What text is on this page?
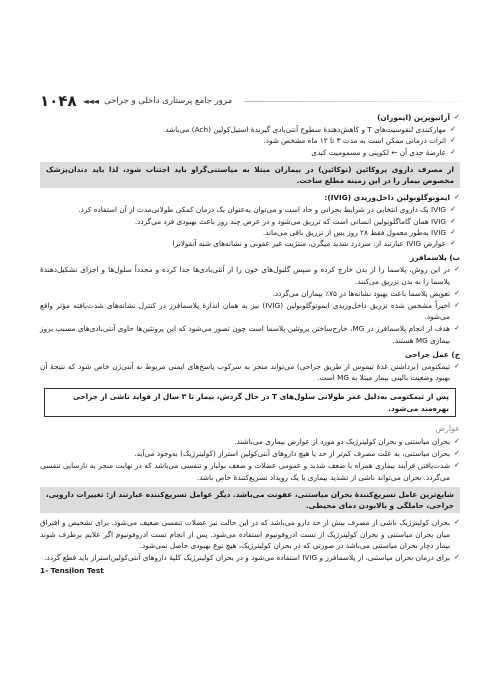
۱۰۴۸ ◄◄◄ مرور جامع پرستاری داخلی و جراحی
✓ آزاتیوپرین (ایموران)
✓ مهارکنندی لنفوسیت‌های T و کاهش‌دهندهٔ سطوح آنتی‌بادی گیرندهٔ استیل‌کولین (Ach) می‌باشد.
✓ اثرات درمانی ممکن است به مدت ۳ تا ۱۲ ماه مشخص شود.
✓ عارضهٔ جدی آن ← لکوپنی و مسمومیت کبدی
از مصرف داروی پروکائین (نوکائین) در بیماران مبتلا به میاستنی‌گراو باید اجتناب شود، لذا باید دندان‌پزشک مخصوص بیمار را در این زمینه مطلع ساخت.
✓ ایمونوگلوبولین داخل‌وریدی (IVIG):
✓ IVIG یک داروی انتخابی در شرایط بحرانی و حاد است و می‌توان به‌عنوان یک درمان کمکی طولانی‌مدت از آن استفاده کرد.
✓ IVIG همان گاماگلوبولین انسانی است که تزریق می‌شود و در عرض چند روز باعث بهبودی فرد می‌گردد.
✓ IVIG به‌طور معمول فقط ۲۸ روز پس از تزریق باقی می‌ماند.
✓ عوارض IVIG عبارتند از: سردرد شدید میگرن، منتژیت غیر عفونی و نشانه‌های شبه آنفولانزا
ب) پلاسمافرز
✓ در این روش، پلاسما را از بدن خارج کرده و سپس گلبول‌های خون را از آنتی‌بادی‌ها جدا کرده و مجدداً سلول‌ها و اجزای تشکیل‌دهندهٔ پلاسما را به بدن تزریق می‌کنند.
✓ تعویض پلاسما باعث بهبود نشانه‌ها در ۷۵٪ بیماران می‌گردد.
✓ اخیراً مشخص شده تزریق داخل‌وریدی ایمونوگلوبولین (IVIG) نیز به همان اندازهٔ پلاسمافرز در کنترل نشانه‌های شدت‌یافته مؤثر واقع می‌شود.
✓ هدف از انجام پلاسمافرز در MG، خارج‌ساختن پروتئین پلاسما است چون تصور می‌شود که این پروتئین‌ها حاوی آنتی‌بادی‌های مسبب بروز بیماری MG هستند.
ج) عمل جراحی
✓ تیمکتومی (برداشتن غدهٔ تیموس از طریق جراحی) می‌تواند منجر به سرکوب پاسخ‌های ایمنی مربوط به آنتی‌ژن خاص شود که نتیجهٔ آن بهبود وضعیت بالینی بیمار مبتلا به MG است.
پس از تیمکتومی به‌دلیل عمر طولانی سلول‌های T در حال گردش، بیمار تا ۳ سال از فواید ناشی از جراحی بهره‌مند می‌شود.
عوارض
✓ بحران میاستنی و بحران کولینرژیک دو مورد از عوارض بیماری می‌باشند.
✓ بحران میاستنی، به علت مصرف کم‌تر از حد یا هیچ داروهای آنتی‌کولین استراز (کولینرژیک) به‌وجود می‌آید.
✓ شدت‌یافتن فرآیند بیماری همراه با ضعف شدید و عمومی عضلات و ضعف بولبار و تنفسی می‌باشد که در نهایت منجر به نارسایی تنفسی می‌گردد. بحران می‌تواند ناشی از تشدید بیماری یا یک رویداد تسریع‌کنندهٔ خاص باشد.
شایع‌ترین عامل تسریع‌کنندهٔ بحران میاستنی، عفونت می‌باشد. دیگر عوامل تسریع‌کننده عبارتند از: تغییرات دارویی، جراحی، حاملگی و بالابودن دمای محیطی.
✓ بحران کولینرژیک ناشی از مصرف بیش از حد دارو می‌باشد که در این حالت نیز عضلات تنفسی ضعیف می‌شود. برای تشخیص و افتراق میان بحران میاستنی و بحران کولینرژیک از تست ادروفونیوم استفاده می‌شود. پس از انجام تست ادروفونیوم اگر علایم برطرف شوند بیمار دچار بحران میاستنی می‌باشد در صورتی که در بحران کولینرژیک، هیچ نوع بهبودی حاصل نمی‌شود.
✓ برای درمان بحران میاستنی، از پلاسمافرز و IVIG استفاده می‌شود و در بحران کولینرژیک کلیهٔ داروهای آنتی‌کولین‌استراز باید قطع گردد.
1- Tensilon Test
